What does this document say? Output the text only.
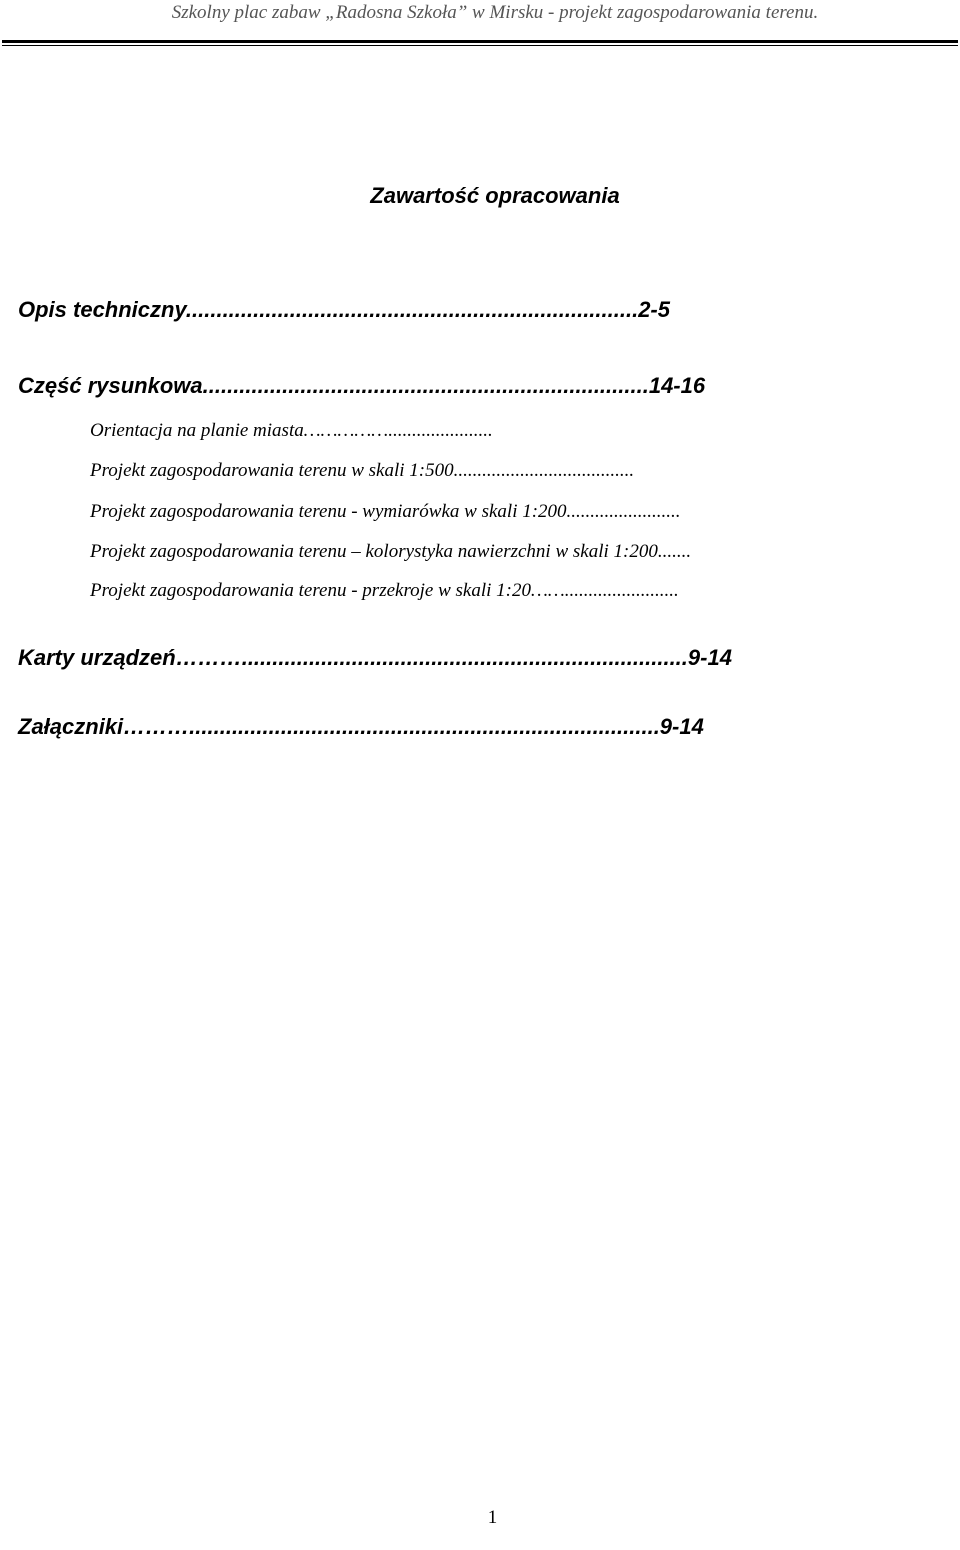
Szkolny plac zabaw „Radosna Szkoła” w Mirsku - projekt zagospodarowania terenu.
Zawartość opracowania
Opis techniczny..........................................................................2-5
Część rysunkowa.........................................................................14-16
Orientacja na planie miasta……………......................
Projekt zagospodarowania terenu w skali 1:500......................................
Projekt zagospodarowania terenu - wymiarówka w skali 1:200........................
Projekt zagospodarowania terenu – kolorystyka nawierzchni w skali 1:200.......
Projekt zagospodarowania terenu - przekroje w skali 1:20……........................
Karty urządzeń……….........................................................................9-14
Załączniki……….............................................................................9-14
1
